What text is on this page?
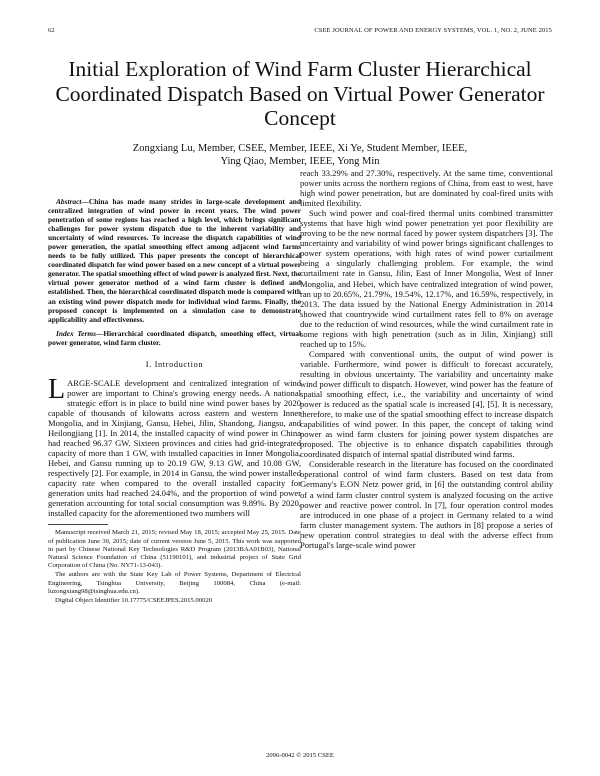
62	CSEE JOURNAL OF POWER AND ENERGY SYSTEMS, VOL. 1, NO. 2, JUNE 2015
Initial Exploration of Wind Farm Cluster Hierarchical Coordinated Dispatch Based on Virtual Power Generator Concept
Zongxiang Lu, Member, CSEE, Member, IEEE, Xi Ye, Student Member, IEEE,
Ying Qiao, Member, IEEE, Yong Min

Abstract—China has made many strides in large-scale development and centralized integration of wind power in recent years. The wind power penetration of some regions has reached a high level, which brings significant challenges for power system dispatch due to the inherent variability and uncertainty of wind resources. To increase the dispatch capabilities of wind power generation, the spatial smoothing effect among adjacent wind farms needs to be fully utilized. This paper presents the concept of hierarchical coordinated dispatch for wind power based on a new concept of a virtual power generator. The spatial smoothing effect of wind power is analyzed first. Next, the virtual power generator method of a wind farm cluster is defined and established. Then, the hierarchical coordinated dispatch mode is compared with an existing wind power dispatch mode for individual wind farms. Finally, the proposed concept is implemented on a simulation case to demonstrate applicability and effectiveness.

Index Terms—Hierarchical coordinated dispatch, smoothing effect, virtual power generator, wind farm cluster.

I. Introduction

LARGE-SCALE development and centralized integration of wind power are important to China's growing energy needs. A national strategic effort is in place to build nine wind power bases by 2020 capable of thousands of kilowatts across eastern and western Inner Mongolia, and in Xinjiang, Gansu, Hebei, Jilin, Shandong, Jiangsu, and Heilongjiang [1]. In 2014, the installed capacity of wind power in China had reached 96.37 GW. Sixteen provinces and cities had grid-integrated capacity of more than 1 GW, with installed capacities in Inner Mongolia, Hebei, and Gansu running up to 20.19 GW, 9.13 GW, and 10.08 GW, respectively [2]. For example, in 2014 in Gansu, the wind power installed capacity rate when compared to the overall installed capacity for generation units had reached 24.04%, and the proportion of wind power generation accounting for total social consumption was 9.89%. By 2020, installed capacity for the aforementioned two numbers will

Manuscript received March 21, 2015; revised May 18, 2015; accepted May 25, 2015. Date of publication June 30, 2015; date of current version June 5, 2015. This work was supported in part by Chinese National Key Technologies R&D Program (2013BAA01B03), National Natural Science Foundation of China (51190101), and industrial project of State Grid Corporation of China (No. NY71-13-043).

The authors are with the State Key Lab of Power Systems, Department of Electrical Engineering, Tsinghua University, Beijing 100084, China (e-mail: luzongxiang98@tsinghua.edu.cn).

Digital Object Identifier 10.17775/CSEEJPES.2015.00020

reach 33.29% and 27.30%, respectively. At the same time, conventional power units across the northern regions of China, from east to west, have high wind power penetration, but are dominated by coal-fired units with limited flexibility.

Such wind power and coal-fired thermal units combined transmitter systems that have high wind power penetration yet poor flexibility are proving to be the new normal faced by power system dispatchers [3]. The uncertainty and variability of wind power brings significant challenges to power system operations, with high rates of wind power curtailment being a singularly challenging problem. For example, the wind curtailment rate in Gansu, Jilin, East of Inner Mongolia, West of Inner Mongolia, and Hebei, which have centralized integration of wind power, ran up to 20.65%, 21.79%, 19.54%, 12.17%, and 16.59%, respectively, in 2013. The data issued by the National Energy Administration in 2014 showed that countrywide wind curtailment rates fell to 8% on average due to the reduction of wind resources, while the wind curtailment rate in some regions with high penetration (such as in Jilin, Xinjiang) still reached up to 15%.

Compared with conventional units, the output of wind power is variable. Furthermore, wind power is difficult to forecast accurately, resulting in obvious uncertainty. The variability and uncertainty make wind power difficult to dispatch. However, wind power has the feature of spatial smoothing effect, i.e., the variability and uncertainty of wind power is reduced as the spatial scale is increased [4], [5]. It is necessary, therefore, to make use of the spatial smoothing effect to increase dispatch capabilities of wind power. In this paper, the concept of taking wind power as wind farm clusters for joining power system dispatches are proposed. The objective is to enhance dispatch capabilities through coordinated dispatch of internal spatial distributed wind farms.

Considerable research in the literature has focused on the coordinated operational control of wind farm clusters. Based on test data from Germany's E.ON Netz power grid, in [6] the outstanding control ability of a wind farm cluster control system is analyzed focusing on the active power and reactive power control. In [7], four operation control modes are introduced in one phase of a project in Germany related to a wind farm cluster management system. The authors in [8] propose a series of new operation control strategies to deal with the adverse effect from Portugal's large-scale wind power

2096-0042 © 2015 CSEE
